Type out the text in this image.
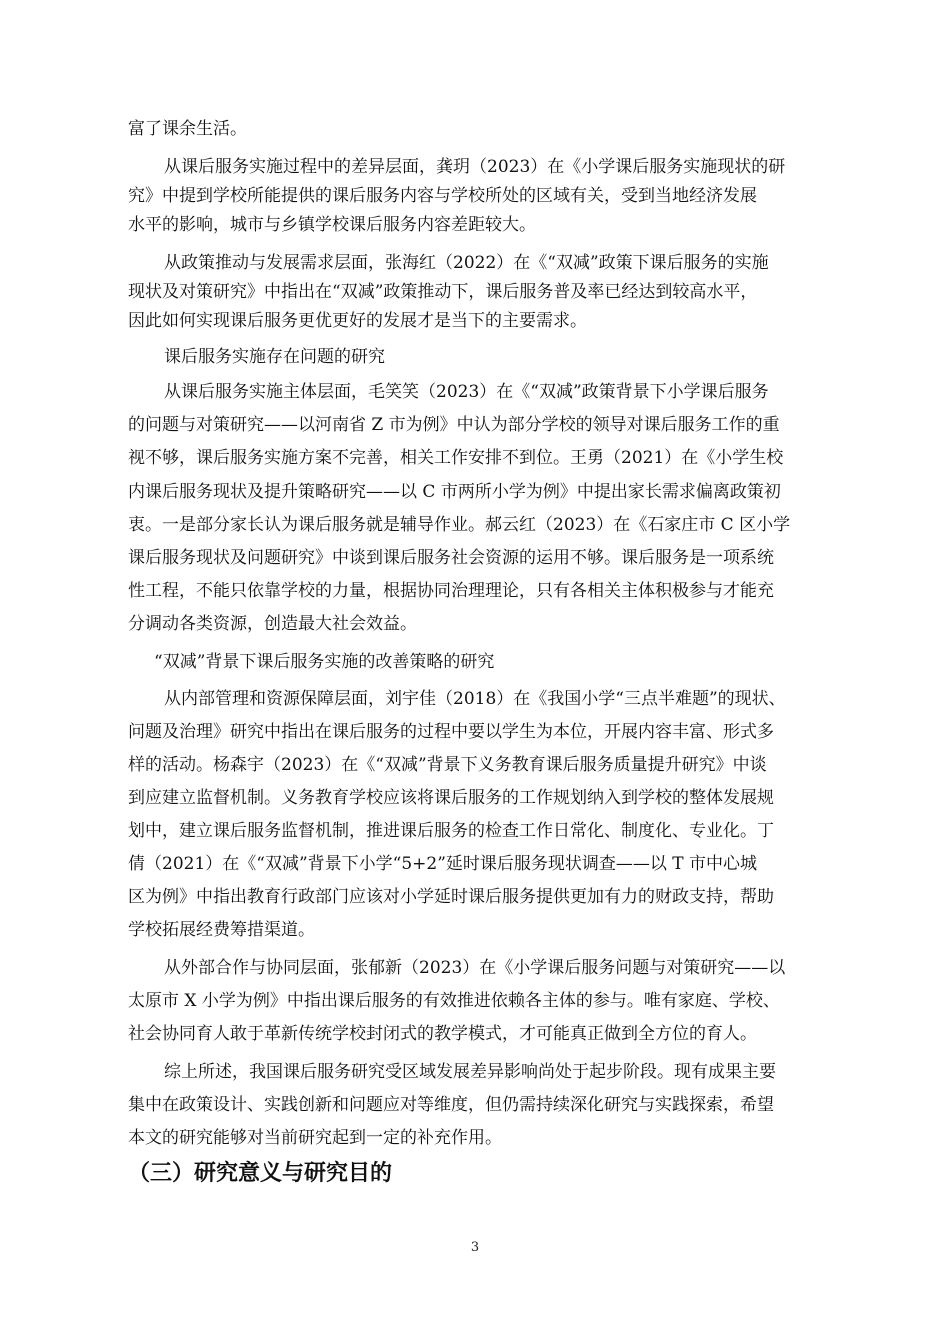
富了课余生活。
从课后服务实施过程中的差异层面，龚玥（2023）在《小学课后服务实施现状的研
究》中提到学校所能提供的课后服务内容与学校所处的区域有关，受到当地经济发展
水平的影响，城市与乡镇学校课后服务内容差距较大。
从政策推动与发展需求层面，张海红（2022）在《“双减”政策下课后服务的实施
现状及对策研究》中指出在“双减”政策推动下，课后服务普及率已经达到较高水平，
因此如何实现课后服务更优更好的发展才是当下的主要需求。
课后服务实施存在问题的研究
从课后服务实施主体层面，毛笑笑（2023）在《“双减”政策背景下小学课后服务
的问题与对策研究——以河南省 Z 市为例》中认为部分学校的领导对课后服务工作的重
视不够，课后服务实施方案不完善，相关工作安排不到位。王勇（2021）在《小学生校
内课后服务现状及提升策略研究——以 C 市两所小学为例》中提出家长需求偏离政策初
衷。一是部分家长认为课后服务就是辅导作业。郝云红（2023）在《石家庄市 C 区小学
课后服务现状及问题研究》中谈到课后服务社会资源的运用不够。课后服务是一项系统
性工程，不能只依靠学校的力量，根据协同治理理论，只有各相关主体积极参与才能充
分调动各类资源，创造最大社会效益。
“双减”背景下课后服务实施的改善策略的研究
从内部管理和资源保障层面，刘宇佳（2018）在《我国小学“三点半难题”的现状、
问题及治理》研究中指出在课后服务的过程中要以学生为本位，开展内容丰富、形式多
样的活动。杨森宇（2023）在《“双减”背景下义务教育课后服务质量提升研究》中谈
到应建立监督机制。义务教育学校应该将课后服务的工作规划纳入到学校的整体发展规
划中，建立课后服务监督机制，推进课后服务的检查工作日常化、制度化、专业化。丁
倩（2021）在《“双减”背景下小学“5+2”延时课后服务现状调查——以 T 市中心城
区为例》中指出教育行政部门应该对小学延时课后服务提供更加有力的财政支持，帮助
学校拓展经费筹措渠道。
从外部合作与协同层面，张郁新（2023）在《小学课后服务问题与对策研究——以
太原市 X 小学为例》中指出课后服务的有效推进依赖各主体的参与。唯有家庭、学校、
社会协同育人敢于革新传统学校封闭式的教学模式，才可能真正做到全方位的育人。
综上所述，我国课后服务研究受区域发展差异影响尚处于起步阶段。现有成果主要
集中在政策设计、实践创新和问题应对等维度，但仍需持续深化研究与实践探索，希望
本文的研究能够对当前研究起到一定的补充作用。
（三）研究意义与研究目的
3
